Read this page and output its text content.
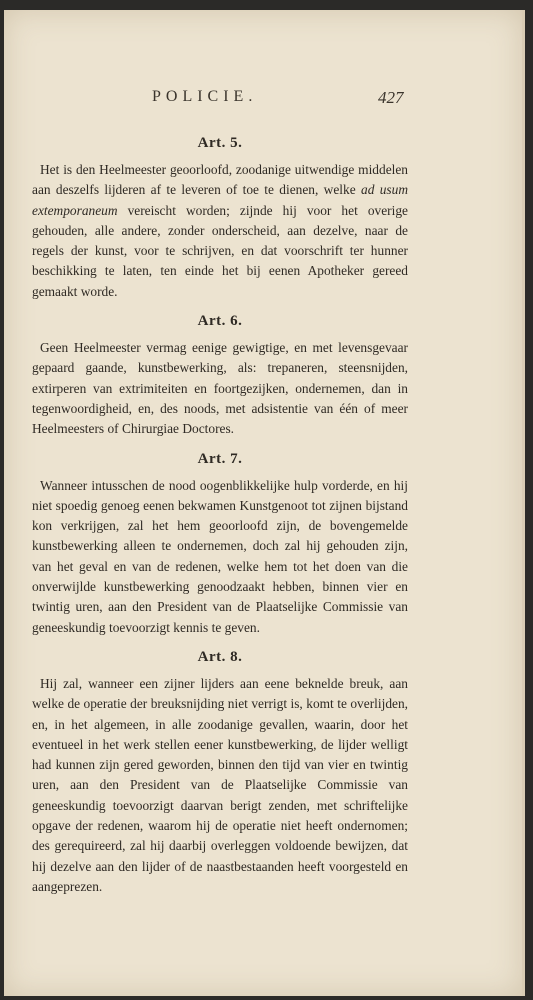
POLICIE.	427
Art. 5.

Het is den Heelmeester geoorloofd, zoodanige uitwendige middelen aan deszelfs lijderen af te leveren of toe te dienen, welke ad usum extemporaneum vereischt worden; zijnde hij voor het overige gehouden, alle andere, zonder onderscheid, aan dezelve, naar de regels der kunst, voor te schrijven, en dat voorschrift ter hunner beschikking te laten, ten einde het bij eenen Apotheker gereed gemaakt worde.

Art. 6.

Geen Heelmeester vermag eenige gewigtige, en met levensgevaar gepaard gaande, kunstbewerking, als: trepaneren, steensnijden, extirperen van extrimiteiten en foortgezijken, ondernemen, dan in tegenwoordigheid, en, des noods, met adsistentie van één of meer Heelmeesters of Chirurgiae Doctores.

Art. 7.

Wanneer intusschen de nood oogenblikkelijke hulp vorderde, en hij niet spoedig genoeg eenen bekwamen Kunstgenoot tot zijnen bijstand kon verkrijgen, zal het hem geoorloofd zijn, de bovengemelde kunstbewerking alleen te ondernemen, doch zal hij gehouden zijn, van het geval en van de redenen, welke hem tot het doen van die onverwijlde kunstbewerking genoodzaakt hebben, binnen vier en twintig uren, aan den President van de Plaatselijke Commissie van geneeskundig toevoorzigt kennis te geven.

Art. 8.

Hij zal, wanneer een zijner lijders aan eene beknelde breuk, aan welke de operatie der breuksnijding niet verrigt is, komt te overlijden, en, in het algemeen, in alle zoodanige gevallen, waarin, door het eventueel in het werk stellen eener kunstbewerking, de lijder welligt had kunnen zijn gered geworden, binnen den tijd van vier en twintig uren, aan den President van de Plaatselijke Commissie van geneeskundig toevoorzigt daarvan berigt zenden, met schriftelijke opgave der redenen, waarom hij de operatie niet heeft ondernomen; des gerequireerd, zal hij daarbij overleggen voldoende bewijzen, dat hij dezelve aan den lijder of de naastbestaanden heeft voorgesteld en aangeprezen.
